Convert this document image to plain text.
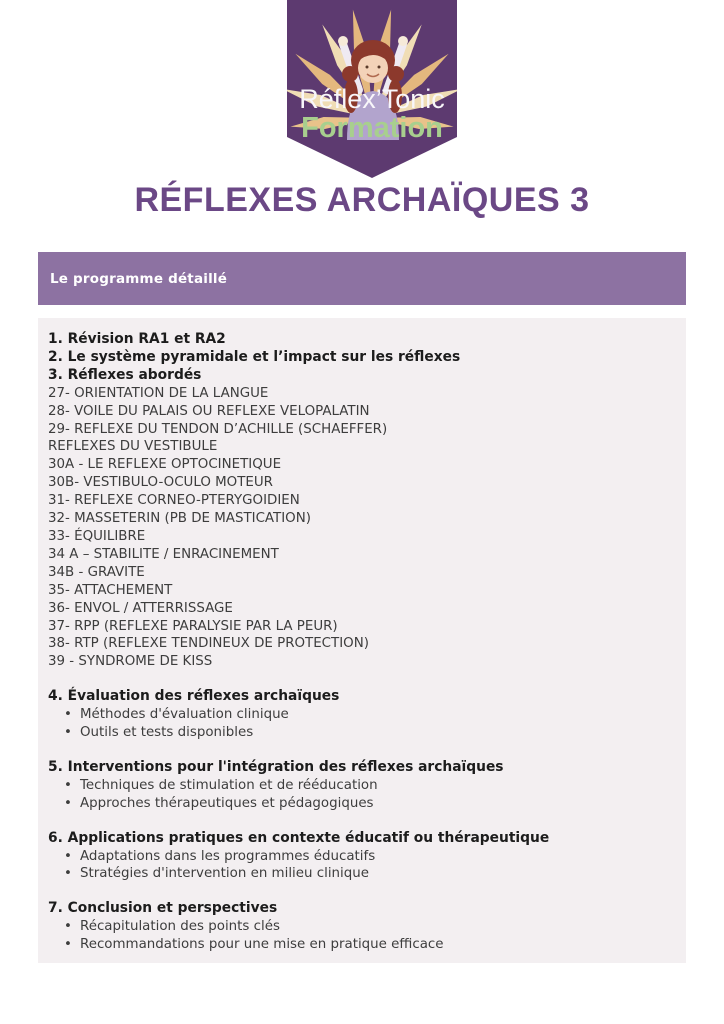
Réflex’Tonic
Formation
RÉFLEXES ARCHAÏQUES 3
Le programme détaillé
1. Révision RA1 et RA2
2. Le système pyramidale et l’impact sur les réflexes
3. Réflexes abordés
27- ORIENTATION DE LA LANGUE
28- VOILE DU PALAIS OU REFLEXE VELOPALATIN
29- REFLEXE DU TENDON D’ACHILLE (SCHAEFFER)
REFLEXES DU VESTIBULE
30A - LE REFLEXE OPTOCINETIQUE
30B- VESTIBULO-OCULO MOTEUR
31- REFLEXE CORNEO-PTERYGOIDIEN
32- MASSETERIN (PB DE MASTICATION)
33- ÉQUILIBRE
34 A – STABILITE / ENRACINEMENT
34B - GRAVITE
35- ATTACHEMENT
36- ENVOL / ATTERRISSAGE
37- RPP (REFLEXE PARALYSIE PAR LA PEUR)
38- RTP (REFLEXE TENDINEUX DE PROTECTION)
39 - SYNDROME DE KISS
4. Évaluation des réflexes archaïques
• Méthodes d'évaluation clinique
• Outils et tests disponibles
5. Interventions pour l'intégration des réflexes archaïques
• Techniques de stimulation et de rééducation
• Approches thérapeutiques et pédagogiques
6. Applications pratiques en contexte éducatif ou thérapeutique
• Adaptations dans les programmes éducatifs
• Stratégies d'intervention en milieu clinique
7. Conclusion et perspectives
• Récapitulation des points clés
• Recommandations pour une mise en pratique efficace
